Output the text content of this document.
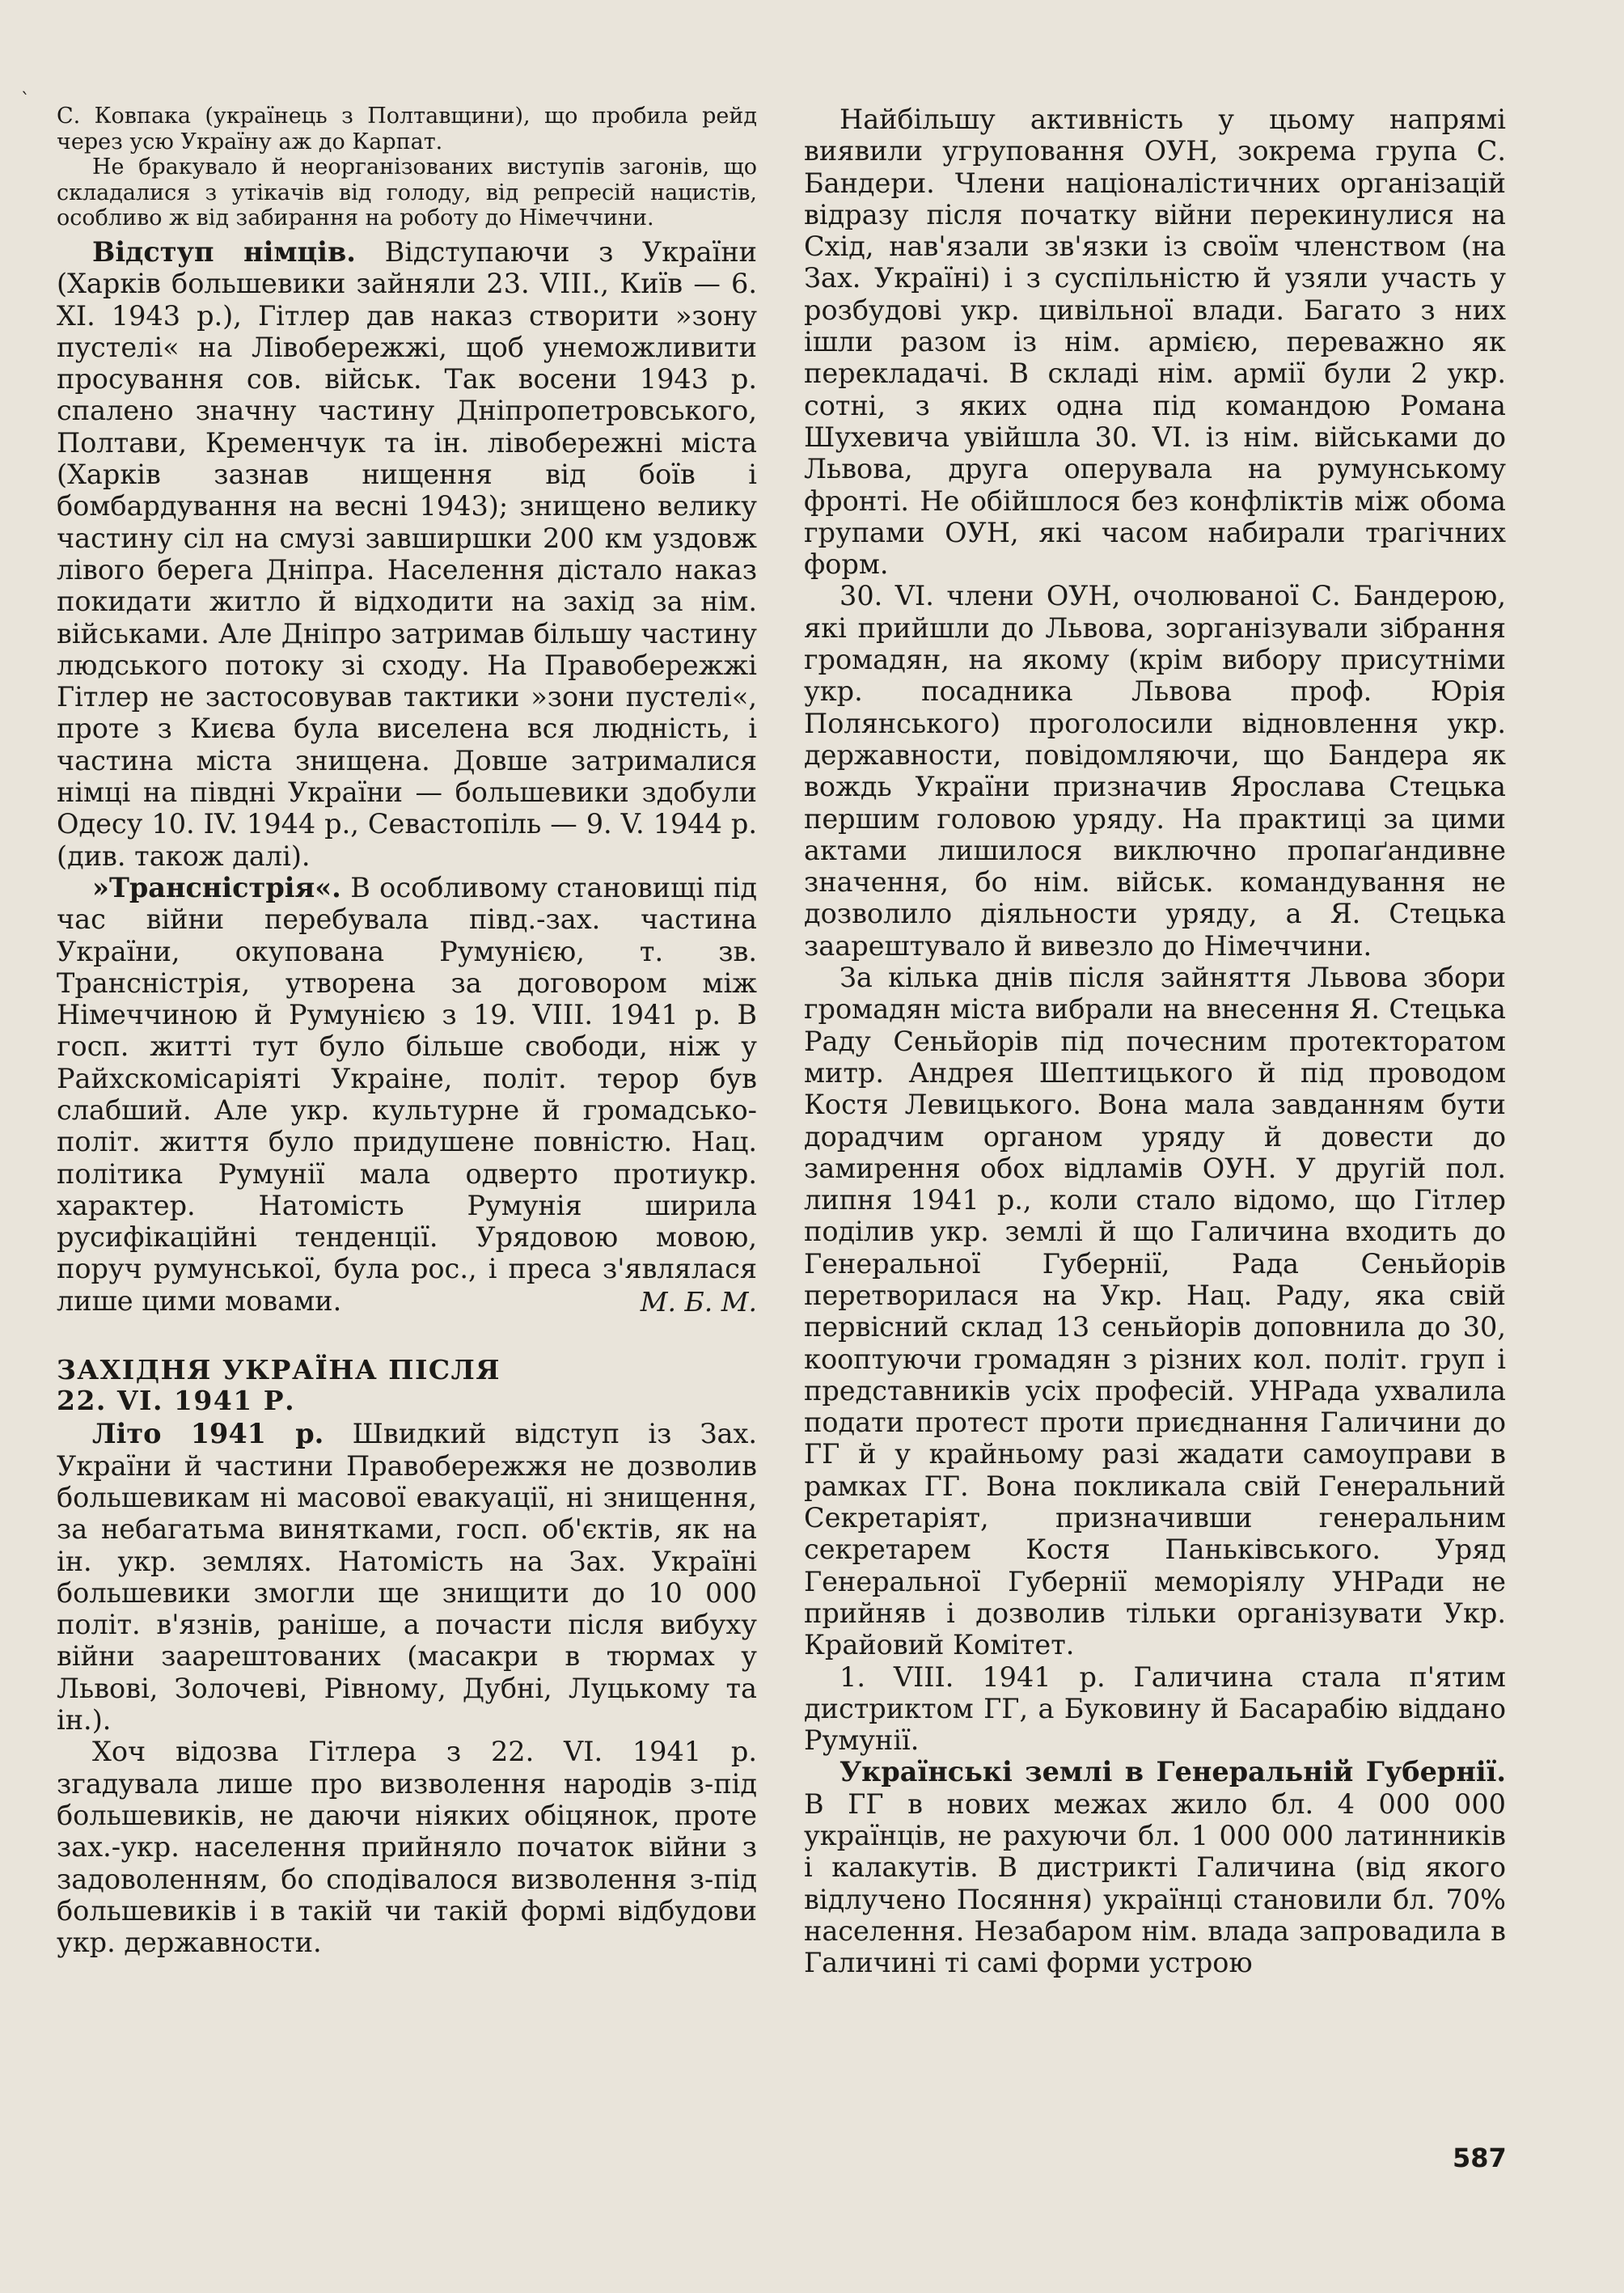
`

С. Ковпака (українець з Полтавщини), що пробила рейд через усю Україну аж до Карпат.

Не бракувало й неорганізованих виступів загонів, що складалися з утікачів від голоду, від репресій нацистів, особливо ж від забирання на роботу до Німеччини.

Відступ німців. Відступаючи з України (Харків большевики зайняли 23. VIII., Київ — 6. XI. 1943 р.), Гітлер дав наказ створити »зону пустелі« на Лівобережжі, щоб унеможливити просування сов. військ. Так восени 1943 р. спалено значну частину Дніпропетровського, Полтави, Кременчук та ін. лівобережні міста (Харків зазнав нищення від боїв і бомбардування на весні 1943); знищено велику частину сіл на смузі завширшки 200 км уздовж лівого берега Дніпра. Населення дістало наказ покидати житло й відходити на захід за нім. військами. Але Дніпро затримав більшу частину людського потоку зі сходу. На Правобережжі Гітлер не застосовував тактики »зони пустелі«, проте з Києва була виселена вся людність, і частина міста знищена. Довше затрималися німці на півдні України — большевики здобули Одесу 10. IV. 1944 р., Севастопіль — 9. V. 1944 р. (див. також далі).

»Трансністрія«. В особливому становищі під час війни перебувала півд.-зах. частина України, окупована Румунією, т. зв. Трансністрія, утворена за договором між Німеччиною й Румунією з 19. VIII. 1941 р. В госп. житті тут було більше свободи, ніж у Райхскомісаріяті Украіне, політ. терор був слабший. Але укр. культурне й громадсько-політ. життя було придушене повністю. Нац. політика Румунії мала одверто протиукр. характер. Натомість Румунія ширила русифікаційні тенденції. Урядовою мовою, поруч румунської, була рос., і преса з'являлася лише цими мовами.	М. Б. М.

ЗАХІДНЯ УКРАЇНА ПІСЛЯ
22. VI. 1941 Р.

Літо 1941 р. Швидкий відступ із Зах. України й частини Правобережжя не дозволив большевикам ні масової евакуації, ні знищення, за небагатьма винятками, госп. об'єктів, як на ін. укр. землях. Натомість на Зах. Україні большевики змогли ще знищити до 10 000 політ. в'язнів, раніше, а почасти після вибуху війни заарештованих (масакри в тюрмах у Львові, Золочеві, Рівному, Дубні, Луцькому та ін.).

Хоч відозва Гітлера з 22. VI. 1941 р. згадувала лише про визволення народів з-під большевиків, не даючи ніяких обіцянок, проте зах.-укр. населення прийняло початок війни з задоволенням, бо сподівалося визволення з-під большевиків і в такій чи такій формі відбудови укр. державности.

Найбільшу активність у цьому напрямі виявили угруповання ОУН, зокрема група С. Бандери. Члени націоналістичних організацій відразу після початку війни перекинулися на Схід, нав'язали зв'язки із своїм членством (на Зах. Україні) і з суспільністю й узяли участь у розбудові укр. цивільної влади. Багато з них ішли разом із нім. армією, переважно як перекладачі. В складі нім. армії були 2 укр. сотні, з яких одна під командою Романа Шухевича увійшла 30. VI. із нім. військами до Львова, друга оперувала на румунському фронті. Не обійшлося без конфліктів між обома групами ОУН, які часом набирали трагічних форм.

30. VI. члени ОУН, очолюваної С. Бандерою, які прийшли до Львова, зорганізували зібрання громадян, на якому (крім вибору присутніми укр. посадника Львова проф. Юрія Полянського) проголосили відновлення укр. державности, повідомляючи, що Бандера як вождь України призначив Ярослава Стецька першим головою уряду. На практиці за цими актами лишилося виключно пропаґандивне значення, бо нім. військ. командування не дозволило діяльности уряду, а Я. Стецька заарештувало й вивезло до Німеччини.

За кілька днів після зайняття Львова збори громадян міста вибрали на внесення Я. Стецька Раду Сеньйорів під почесним протекторатом митр. Андрея Шептицького й під проводом Костя Левицького. Вона мала завданням бути дорадчим органом уряду й довести до замирення обох відламів ОУН. У другій пол. липня 1941 р., коли стало відомо, що Гітлер поділив укр. землі й що Галичина входить до Генеральної Губернії, Рада Сеньйорів перетворилася на Укр. Нац. Раду, яка свій первісний склад 13 сеньйорів доповнила до 30, кооптуючи громадян з різних кол. політ. груп і представників усіх професій. УНРада ухвалила подати протест проти приєднання Галичини до ГГ й у крайньому разі жадати самоуправи в рамках ГГ. Вона покликала свій Генеральний Секретаріят, призначивши генеральним секретарем Костя Паньківського. Уряд Генеральної Губернії меморіялу УНРади не прийняв і дозволив тільки організувати Укр. Крайовий Комітет.

1. VIII. 1941 р. Галичина стала п'ятим дистриктом ГГ, а Буковину й Басарабію віддано Румунії.

Українські землі в Генеральній Губернії. В ГГ в нових межах жило бл. 4 000 000 українців, не рахуючи бл. 1 000 000 латинників і калакутів. В дистрикті Галичина (від якого відлучено Посяння) українці становили бл. 70% населення. Незабаром нім. влада запровадила в Галичині ті самі форми устрою

587
